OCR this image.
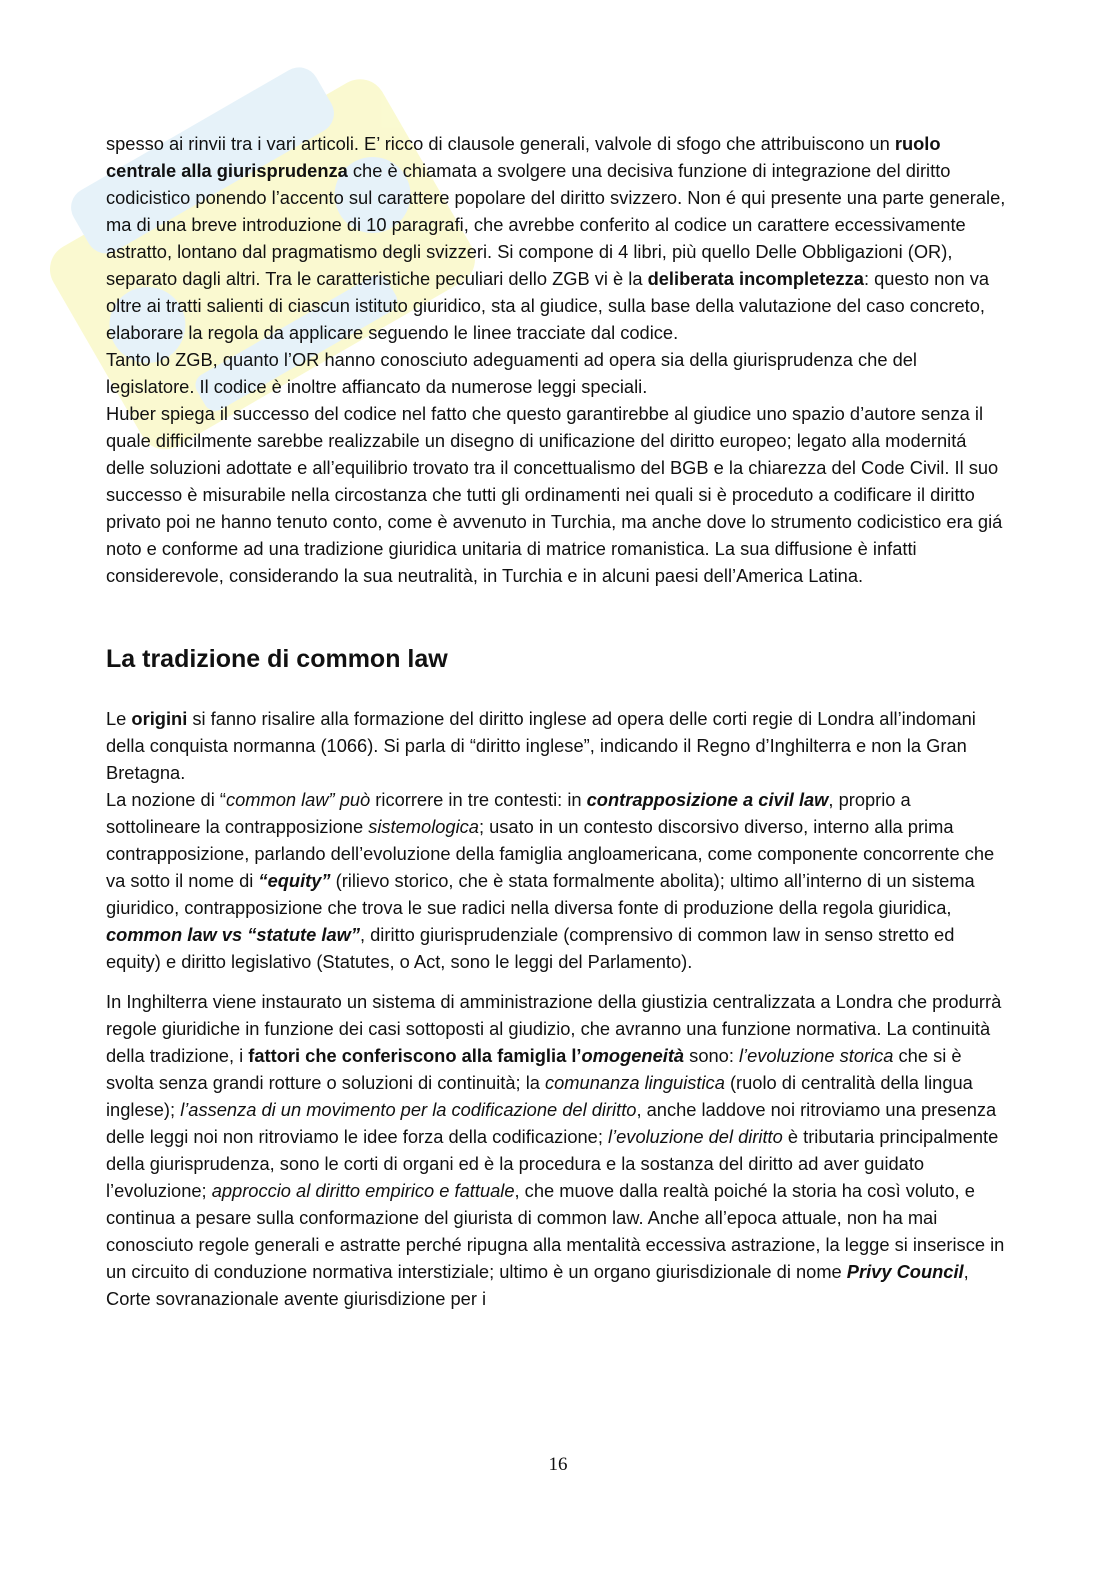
spesso ai rinvii tra i vari articoli. E’ ricco di clausole generali, valvole di sfogo che attribuiscono un ruolo centrale alla giurisprudenza che è chiamata a svolgere una decisiva funzione di integrazione del diritto codicistico ponendo l’accento sul carattere popolare del diritto svizzero. Non é qui presente una parte generale, ma di una breve introduzione di 10 paragrafi, che avrebbe conferito al codice un carattere eccessivamente astratto, lontano dal pragmatismo degli svizzeri. Si compone di 4 libri, più quello Delle Obbligazioni (OR), separato dagli altri. Tra le caratteristiche peculiari dello ZGB vi è la deliberata incompletezza: questo non va oltre ai tratti salienti di ciascun istituto giuridico, sta al giudice, sulla base della valutazione del caso concreto, elaborare la regola da applicare seguendo le linee tracciate dal codice.

Tanto lo ZGB, quanto l’OR hanno conosciuto adeguamenti ad opera sia della giurisprudenza che del legislatore. Il codice è inoltre affiancato da numerose leggi speciali.

Huber spiega il successo del codice nel fatto che questo garantirebbe al giudice uno spazio d’autore senza il quale difficilmente sarebbe realizzabile un disegno di unificazione del diritto europeo; legato alla modernitá delle soluzioni adottate e all’equilibrio trovato tra il concettualismo del BGB e la chiarezza del Code Civil. Il suo successo è misurabile nella circostanza che tutti gli ordinamenti nei quali si è proceduto a codificare il diritto privato poi ne hanno tenuto conto, come è avvenuto in Turchia, ma anche dove lo strumento codicistico era giá noto e conforme ad una tradizione giuridica unitaria di matrice romanistica. La sua diffusione è infatti considerevole, considerando la sua neutralità, in Turchia e in alcuni paesi dell’America Latina.

La tradizione di common law

Le origini si fanno risalire alla formazione del diritto inglese ad opera delle corti regie di Londra all’indomani della conquista normanna (1066). Si parla di “diritto inglese”, indicando il Regno d’Inghilterra e non la Gran Bretagna.

La nozione di “common law” può ricorrere in tre contesti: in contrapposizione a civil law, proprio a sottolineare la contrapposizione sistemologica; usato in un contesto discorsivo diverso, interno alla prima contrapposizione, parlando dell’evoluzione della famiglia angloamericana, come componente concorrente che va sotto il nome di “equity” (rilievo storico, che è stata formalmente abolita); ultimo all’interno di un sistema giuridico, contrapposizione che trova le sue radici nella diversa fonte di produzione della regola giuridica, common law vs “statute law”, diritto giurisprudenziale (comprensivo di common law in senso stretto ed equity) e diritto legislativo (Statutes, o Act, sono le leggi del Parlamento).

In Inghilterra viene instaurato un sistema di amministrazione della giustizia centralizzata a Londra che produrrà regole giuridiche in funzione dei casi sottoposti al giudizio, che avranno una funzione normativa. La continuità della tradizione, i fattori che conferiscono alla famiglia l’omogeneità sono: l’evoluzione storica che si è svolta senza grandi rotture o soluzioni di continuità; la comunanza linguistica (ruolo di centralità della lingua inglese); l’assenza di un movimento per la codificazione del diritto, anche laddove noi ritroviamo una presenza delle leggi noi non ritroviamo le idee forza della codificazione; l’evoluzione del diritto è tributaria principalmente della giurisprudenza, sono le corti di organi ed è la procedura e la sostanza del diritto ad aver guidato l’evoluzione; approccio al diritto empirico e fattuale, che muove dalla realtà poiché la storia ha così voluto, e continua a pesare sulla conformazione del giurista di common law. Anche all’epoca attuale, non ha mai conosciuto regole generali e astratte perché ripugna alla mentalità eccessiva astrazione, la legge si inserisce in un circuito di conduzione normativa interstiziale; ultimo è un organo giurisdizionale di nome Privy Council, Corte sovranazionale avente giurisdizione per i

16
